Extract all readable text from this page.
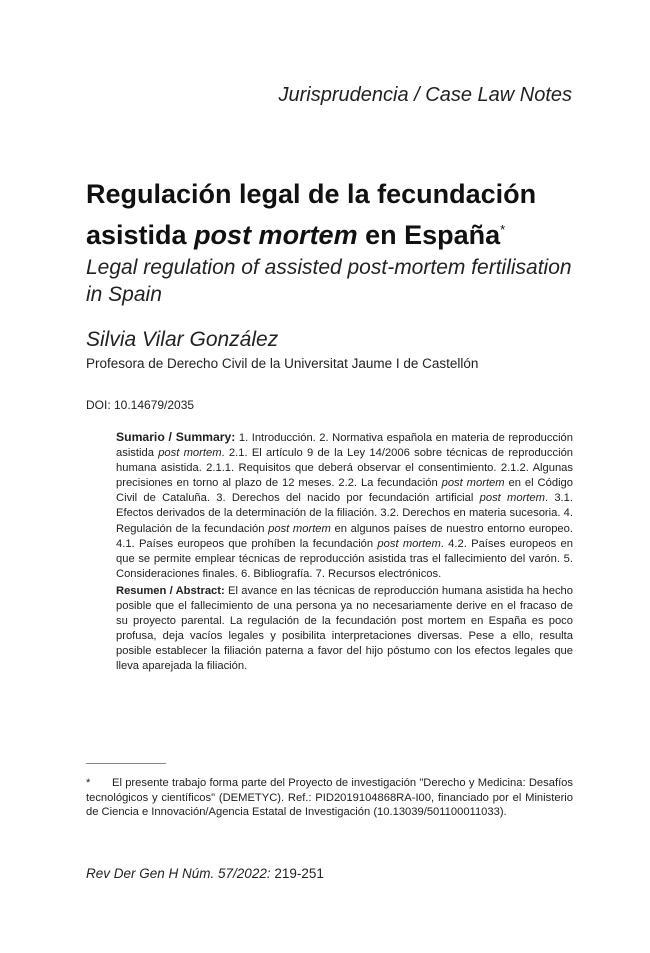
Jurisprudencia / Case Law Notes
Regulación legal de la fecundación asistida post mortem en España*

Legal regulation of assisted post-mortem fertilisation in Spain

Silvia Vilar González
Profesora de Derecho Civil de la Universitat Jaume I de Castellón
DOI: 10.14679/2035

Sumario / Summary: 1. Introducción. 2. Normativa española en materia de reproducción asistida post mortem. 2.1. El artículo 9 de la Ley 14/2006 sobre técnicas de reproducción humana asistida. 2.1.1. Requisitos que deberá observar el consentimiento. 2.1.2. Algunas precisiones en torno al plazo de 12 meses. 2.2. La fecundación post mortem en el Código Civil de Cataluña. 3. Derechos del nacido por fecundación artificial post mortem. 3.1. Efectos derivados de la determinación de la filiación. 3.2. Derechos en materia sucesoria. 4. Regulación de la fecundación post mortem en algunos países de nuestro entorno europeo. 4.1. Países europeos que prohíben la fecundación post mortem. 4.2. Países europeos en que se permite emplear técnicas de reproducción asistida tras el fallecimiento del varón. 5. Consideraciones finales. 6. Bibliografía. 7. Recursos electrónicos.

Resumen / Abstract: El avance en las técnicas de reproducción humana asistida ha hecho posible que el fallecimiento de una persona ya no necesariamente derive en el fracaso de su proyecto parental. La regulación de la fecundación post mortem en España es poco profusa, deja vacíos legales y posibilita interpretaciones diversas. Pese a ello, resulta posible establecer la filiación paterna a favor del hijo póstumo con los efectos legales que lleva aparejada la filiación.

* El presente trabajo forma parte del Proyecto de investigación "Derecho y Medicina: Desafíos tecnológicos y científicos" (DEMETYC). Ref.: PID2019104868RA-I00, financiado por el Ministerio de Ciencia e Innovación/Agencia Estatal de Investigación (10.13039/501100011033).
Rev Der Gen H Núm. 57/2022: 219-251
